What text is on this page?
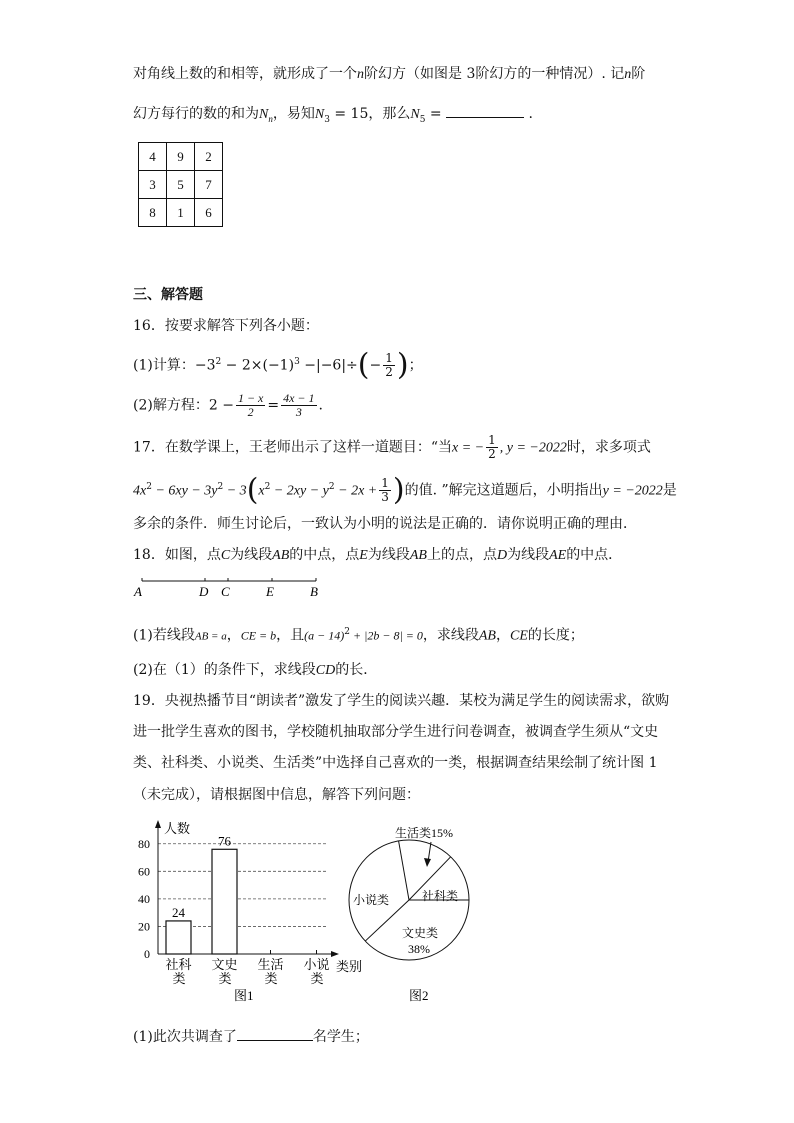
对角线上数的和相等，就形成了一个n阶幻方（如图是 3阶幻方的一种情况）. 记n阶
幻方每行的数的和为$N_n$，易知$N_3 = 15$，那么$N_5$ =	.
4	9	2
3	5	7
8	1	6
三、解答题
16．按要求解答下列各小题：
(1)计算：$-3^2 - 2\times(-1)^3 -|-6|\div(- \frac{1}{2}$ )；
(2)解方程：$2 - \frac{1 - x}{2} = \frac{4x - 1}{3}$ .
17．在数学课上，王老师出示了这样一道题目：“当x = − $\frac{1}{2}$ , y = −2022时，求多项式
$4x^2 - 6xy - 3y^2 - 3(x^2 - 2xy - y^2 - 2x + \frac{1}{3}$ )的值. ”解完这道题后，小明指出y = −2022是
多余的条件．师生讨论后，一致认为小明的说法是正确的．请你说明正确的理由．
18．如图，点C为线段AB的中点，点E为线段AB上的点，点D为线段AE的中点．
A	D C	E	B
(1)若线段AB = a，CE = b，且$(a - 14)^2 + |2b - 8| = 0$，求线段AB，CE的长度；
(2)在（1）的条件下，求线段CD的长．
19．央视热播节目“朗读者”激发了学生的阅读兴趣．某校为满足学生的阅读需求，欲购
进一批学生喜欢的图书，学校随机抽取部分学生进行问卷调查，被调查学生须从“文史
类、社科类、小说类、生活类”中选择自己喜欢的一类，根据调查结果绘制了统计图 1
（未完成），请根据图中信息，解答下列问题：
人数
类别
0
20
40
60
80
24
76
社科
类
文史
类
生活
类
小说
类
图1
生活类15%
社科类
小说类
文史类
38%
图2
(1)此次共调查了	名学生；
